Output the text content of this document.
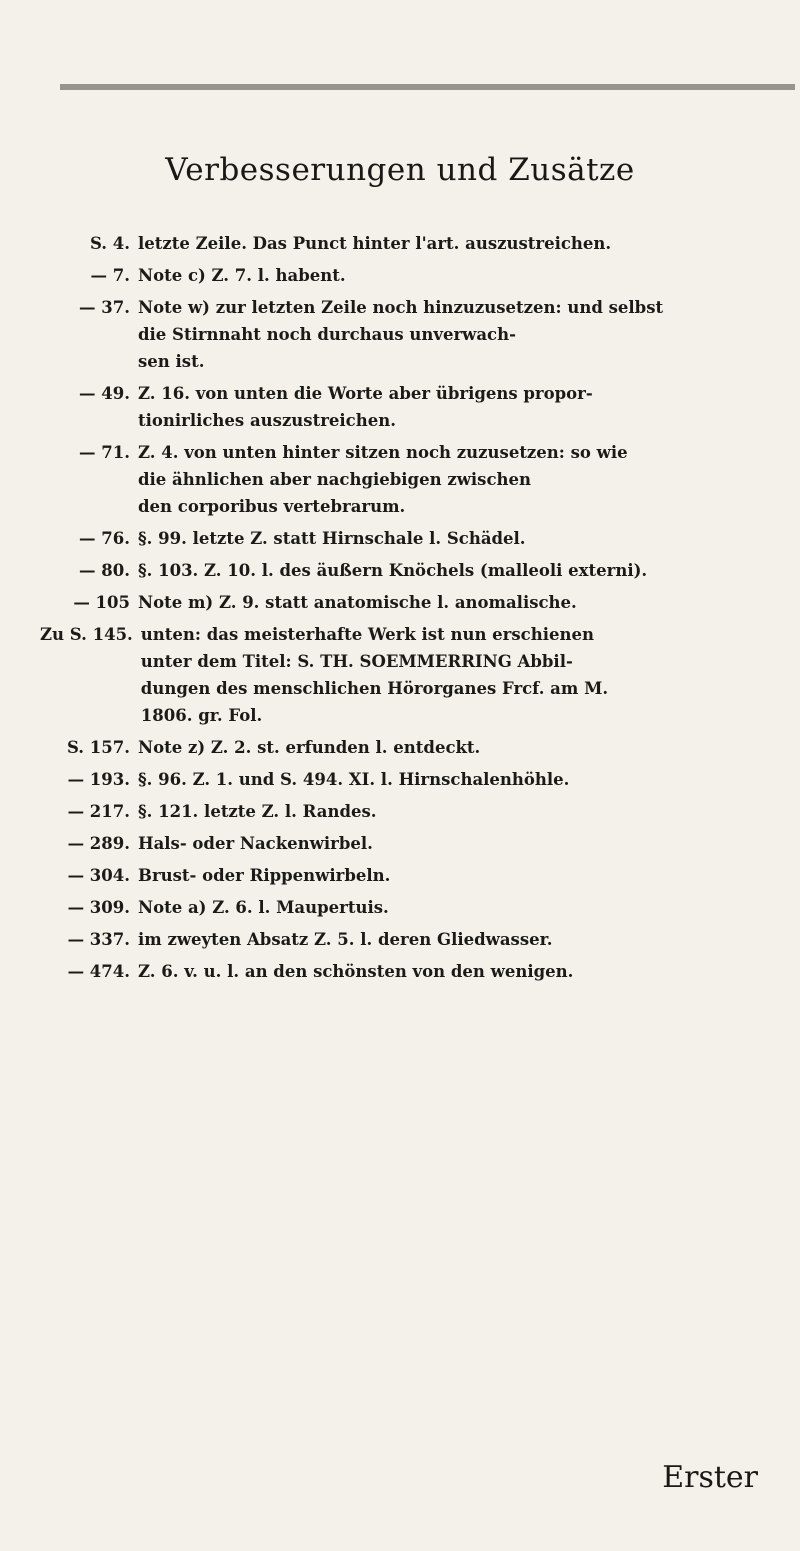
Verbesserungen und Zusätze
S. 4. letzte Zeile. Das Punct hinter l'art. auszustreichen.
— 7. Note c) Z. 7. l. habent.
— 37. Note w) zur letzten Zeile noch hinzuzusetzen: und selbst
die Stirnnaht noch durchaus unverwach-
sen ist.
— 49. Z. 16. von unten die Worte aber übrigens propor-
tionirliches auszustreichen.
— 71. Z. 4. von unten hinter sitzen noch zuzusetzen: so wie
die ähnlichen aber nachgiebigen zwischen
den corporibus vertebrarum.
— 76. §. 99. letzte Z. statt Hirnschale l. Schädel.
— 80. §. 103. Z. 10. l. des äußern Knöchels (malleoli externi).
— 105 Note m) Z. 9. statt anatomische l. anomalische.
Zu S. 145. unten: das meisterhafte Werk ist nun erschienen
unter dem Titel: S. TH. SOEMMERRING Abbil-
dungen des menschlichen Hörorganes Frcf. am M.
1806. gr. Fol.
S. 157. Note z) Z. 2. st. erfunden l. entdeckt.
— 193. §. 96. Z. 1. und S. 494. XI. l. Hirnschalenhöhle.
— 217. §. 121. letzte Z. l. Randes.
— 289. Hals- oder Nackenwirbel.
— 304. Brust- oder Rippenwirbeln.
— 309. Note a) Z. 6. l. Maupertuis.
— 337. im zweyten Absatz Z. 5. l. deren Gliedwasser.
— 474. Z. 6. v. u. l. an den schönsten von den wenigen.
Erster
